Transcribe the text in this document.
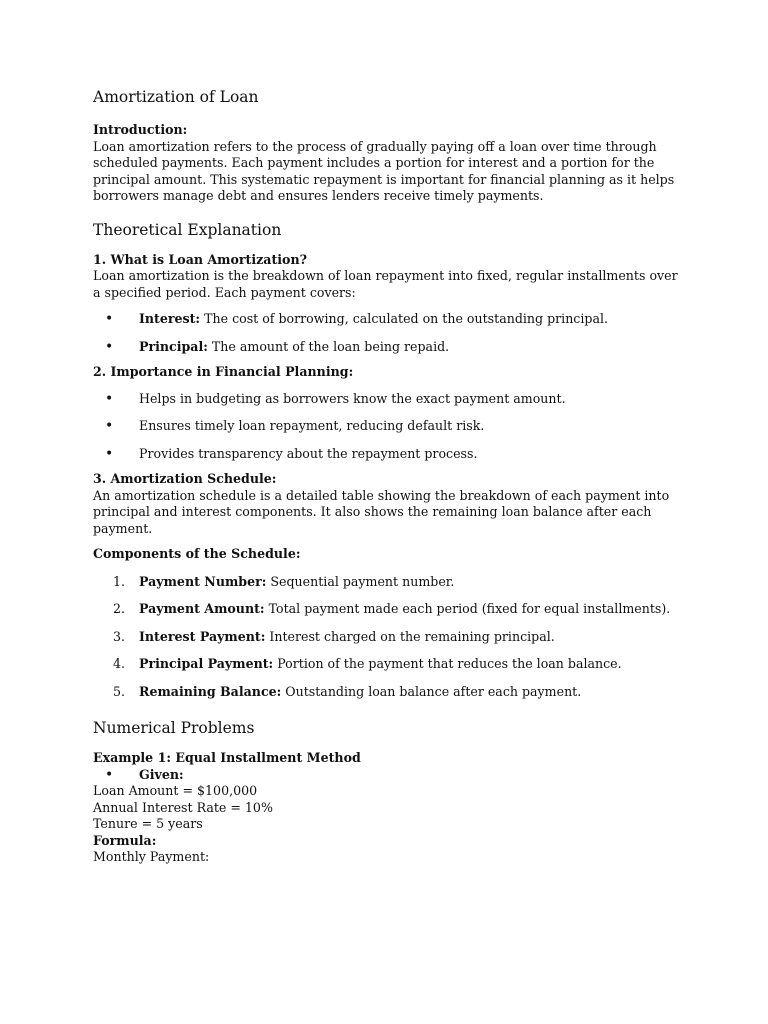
Amortization of Loan

Introduction:

Loan amortization refers to the process of gradually paying off a loan over time through scheduled payments. Each payment includes a portion for interest and a portion for the principal amount. This systematic repayment is important for financial planning as it helps borrowers manage debt and ensures lenders receive timely payments.

Theoretical Explanation

1. What is Loan Amortization?

Loan amortization is the breakdown of loan repayment into fixed, regular installments over a specified period. Each payment covers:

• Interest: The cost of borrowing, calculated on the outstanding principal.
• Principal: The amount of the loan being repaid.

2. Importance in Financial Planning:

• Helps in budgeting as borrowers know the exact payment amount.
• Ensures timely loan repayment, reducing default risk.
• Provides transparency about the repayment process.

3. Amortization Schedule:

An amortization schedule is a detailed table showing the breakdown of each payment into principal and interest components. It also shows the remaining loan balance after each payment.

Components of the Schedule:

1. Payment Number: Sequential payment number.
2. Payment Amount: Total payment made each period (fixed for equal installments).
3. Interest Payment: Interest charged on the remaining principal.
4. Principal Payment: Portion of the payment that reduces the loan balance.
5. Remaining Balance: Outstanding loan balance after each payment.
Numerical Problems

Example 1: Equal Installment Method

• Given:

Loan Amount = $100,000

Annual Interest Rate = 10%

Tenure = 5 years

Formula:

Monthly Payment:
